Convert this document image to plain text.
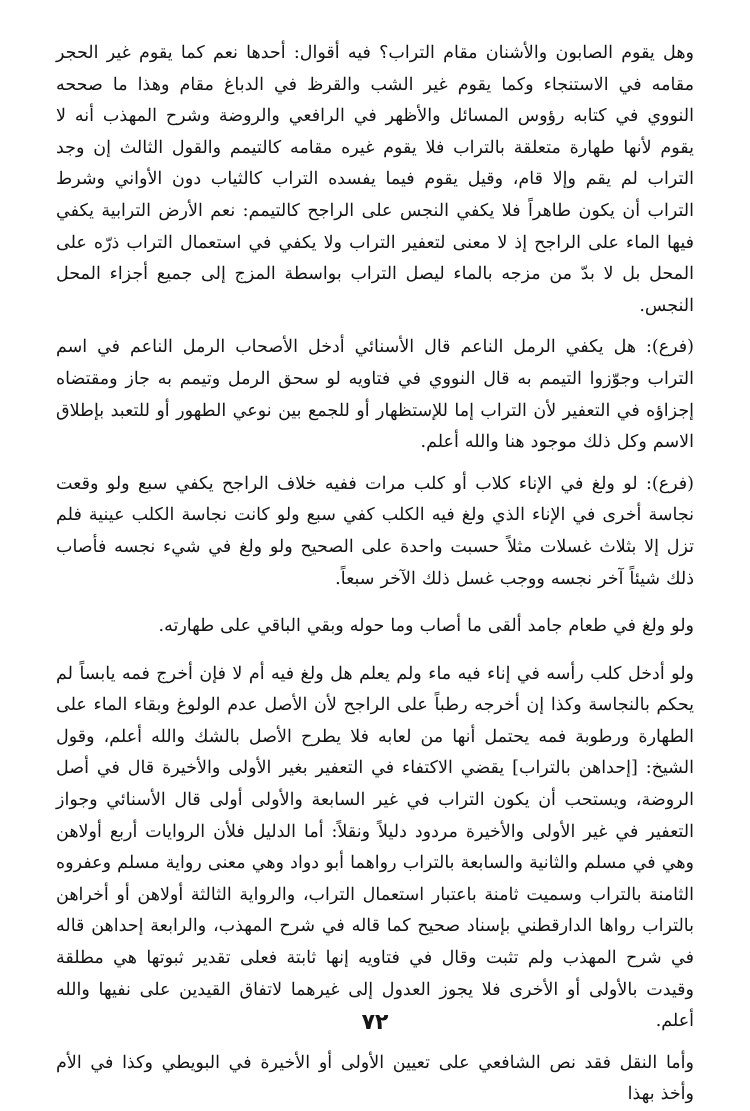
وهل يقوم الصابون والأشنان مقام التراب؟ فيه أقوال: أحدها نعم كما يقوم غير الحجر مقامه في الاستنجاء وكما يقوم غير الشب والقرظ في الدباغ مقام وهذا ما صححه النووي في كتابه رؤوس المسائل والأظهر في الرافعي والروضة وشرح المهذب أنه لا يقوم لأنها طهارة متعلقة بالتراب فلا يقوم غيره مقامه كالتيمم والقول الثالث إن وجد التراب لم يقم وإلا قام، وقيل يقوم فيما يفسده التراب كالثياب دون الأواني وشرط التراب أن يكون طاهراً فلا يكفي النجس على الراجح كالتيمم: نعم الأرض الترابية يكفي فيها الماء على الراجح إذ لا معنى لتعفير التراب ولا يكفي في استعمال التراب ذرّه على المحل بل لا بدّ من مزجه بالماء ليصل التراب بواسطة المزج إلى جميع أجزاء المحل النجس.

(فرع): هل يكفي الرمل الناعم قال الأسنائي أدخل الأصحاب الرمل الناعم في اسم التراب وجوّزوا التيمم به قال النووي في فتاويه لو سحق الرمل وتيمم به جاز ومقتضاه إجزاؤه في التعفير لأن التراب إما للإستظهار أو للجمع بين نوعي الطهور أو للتعبد بإطلاق الاسم وكل ذلك موجود هنا والله أعلم.

(فرع): لو ولغ في الإناء كلاب أو كلب مرات ففيه خلاف الراجح يكفي سبع ولو وقعت نجاسة أخرى في الإناء الذي ولغ فيه الكلب كفي سبع ولو كانت نجاسة الكلب عينية فلم تزل إلا بثلاث غسلات مثلاً حسبت واحدة على الصحيح ولو ولغ في شيء نجسه فأصاب ذلك شيئاً آخر نجسه ووجب غسل ذلك الآخر سبعاً.

ولو ولغ في طعام جامد ألقى ما أصاب وما حوله وبقي الباقي على طهارته.

ولو أدخل كلب رأسه في إناء فيه ماء ولم يعلم هل ولغ فيه أم لا فإن أخرج فمه يابساً لم يحكم بالنجاسة وكذا إن أخرجه رطباً على الراجح لأن الأصل عدم الولوغ وبقاء الماء على الطهارة ورطوبة فمه يحتمل أنها من لعابه فلا يطرح الأصل بالشك والله أعلم، وقول الشيخ: [إحداهن بالتراب] يقضي الاكتفاء في التعفير بغير الأولى والأخيرة قال في أصل الروضة، ويستحب أن يكون التراب في غير السابعة والأولى أولى قال الأسنائي وجواز التعفير في غير الأولى والأخيرة مردود دليلاً ونقلاً: أما الدليل فلأن الروايات أربع أولاهن وهي في مسلم والثانية والسابعة بالتراب رواهما أبو دواد وهي معنى رواية مسلم وعفروه الثامنة بالتراب وسميت ثامنة باعتبار استعمال التراب، والرواية الثالثة أولاهن أو أخراهن بالتراب رواها الدارقطني بإسناد صحيح كما قاله في شرح المهذب، والرابعة إحداهن قاله في شرح المهذب ولم تثبت وقال في فتاويه إنها ثابتة فعلى تقدير ثبوتها هي مطلقة وقيدت بالأولى أو الأخرى فلا يجوز العدول إلى غيرهما لاتفاق القيدين على نفيها والله أعلم.

وأما النقل فقد نص الشافعي على تعيين الأولى أو الأخيرة في البويطي وكذا في الأم وأخذ بهذا

٧٢
